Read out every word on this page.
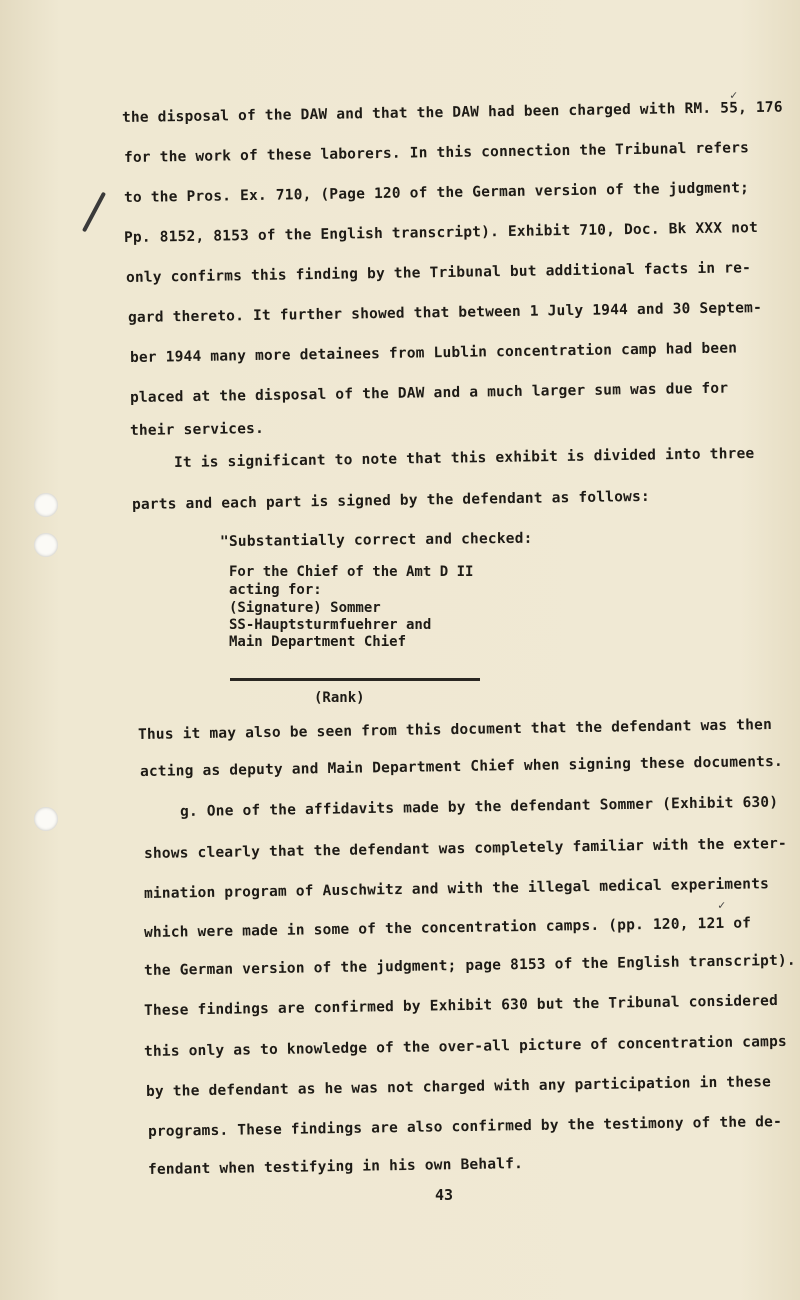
✓
✓
the disposal of the DAW and that the DAW had been charged with RM. 55, 176
for the work of these laborers. In this connection the Tribunal refers
to the Pros. Ex. 710, (Page 120 of the German version of the judgment;
Pp. 8152, 8153 of the English transcript). Exhibit 710, Doc. Bk XXX not
only confirms this finding by the Tribunal but additional facts in re-
gard thereto. It further showed that between 1 July 1944 and 30 Septem-
ber 1944 many more detainees from Lublin concentration camp had been
placed at the disposal of the DAW and a much larger sum was due for
their services.
It is significant to note that this exhibit is divided into three
parts and each part is signed by the defendant as follows:
"Substantially correct and checked:
For the Chief of the Amt D II
acting for:
(Signature) Sommer
SS-Hauptsturmfuehrer and
Main Department Chief
(Rank)
Thus it may also be seen from this document that the defendant was then
acting as deputy and Main Department Chief when signing these documents.
g. One of the affidavits made by the defendant Sommer (Exhibit 630)
shows clearly that the defendant was completely familiar with the exter-
mination program of Auschwitz and with the illegal medical experiments
which were made in some of the concentration camps. (pp. 120, 121 of
the German version of the judgment; page 8153 of the English transcript).
These findings are confirmed by Exhibit 630 but the Tribunal considered
this only as to knowledge of the over-all picture of concentration camps
by the defendant as he was not charged with any participation in these
programs. These findings are also confirmed by the testimony of the de-
fendant when testifying in his own Behalf.
43
